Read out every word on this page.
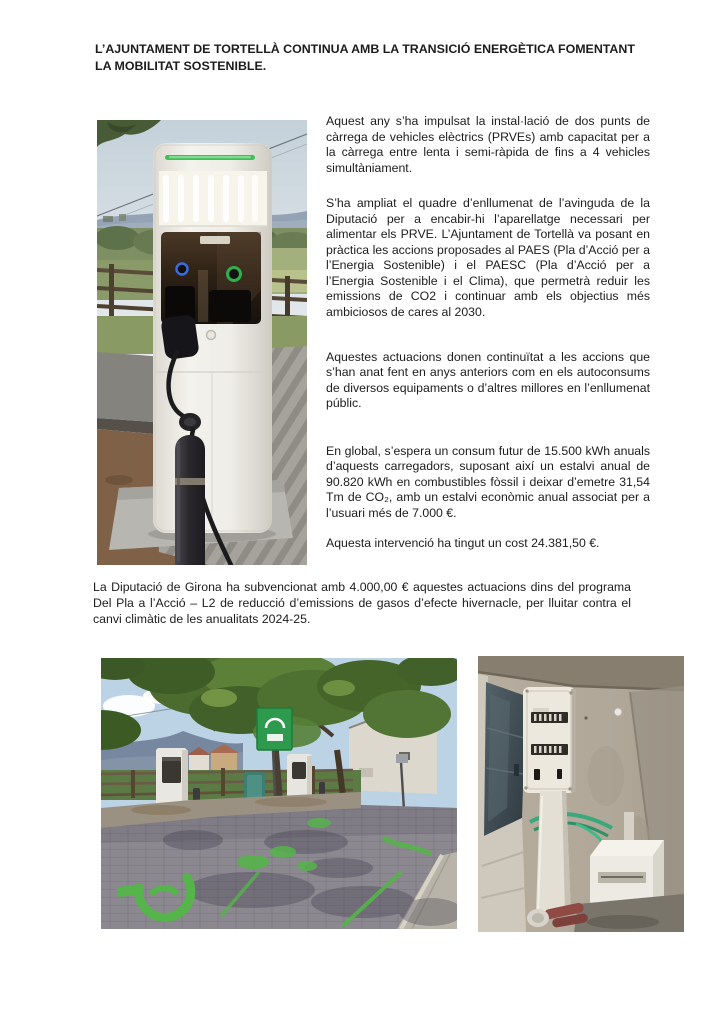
L’AJUNTAMENT DE TORTELLÀ CONTINUA AMB LA TRANSICIÓ ENERGÈTICA FOMENTANT
LA MOBILITAT SOSTENIBLE.

Aquest any s’ha impulsat la instal·lació de dos punts de càrrega de vehicles elèctrics (PRVEs) amb capacitat per a la càrrega entre lenta i semi-ràpida de fins a 4 vehicles simultàniament.

S’ha ampliat el quadre d’enllumenat de l’avinguda de la Diputació per a encabir-hi l’aparellatge necessari per alimentar els PRVE. L’Ajuntament de Tortellà va posant en pràctica les accions proposades al PAES (Pla d’Acció per a l’Energia Sostenible) i el PAESC (Pla d’Acció per a l’Energia Sostenible i el Clima), que permetrà reduir les emissions de CO2 i continuar amb els objectius més ambiciosos de cares al 2030.

Aquestes actuacions donen continuïtat a les accions que s’han anat fent en anys anteriors com en els autoconsums de diversos equipaments o d’altres millores en l’enllumenat públic.

En global, s’espera un consum futur de 15.500 kWh anuals d’aquests carregadors, suposant així un estalvi anual de 90.820 kWh en combustibles fòssil i deixar d’emetre 31,54 Tm de CO₂, amb un estalvi econòmic anual associat per a l’usuari més de 7.000 €.

Aquesta intervenció ha tingut un cost 24.381,50 €.

La Diputació de Girona ha subvencionat amb 4.000,00 € aquestes actuacions dins del programa Del Pla a l’Acció – L2 de reducció d’emissions de gasos d’efecte hivernacle, per lluitar contra el canvi climàtic de les anualitats 2024-25.
